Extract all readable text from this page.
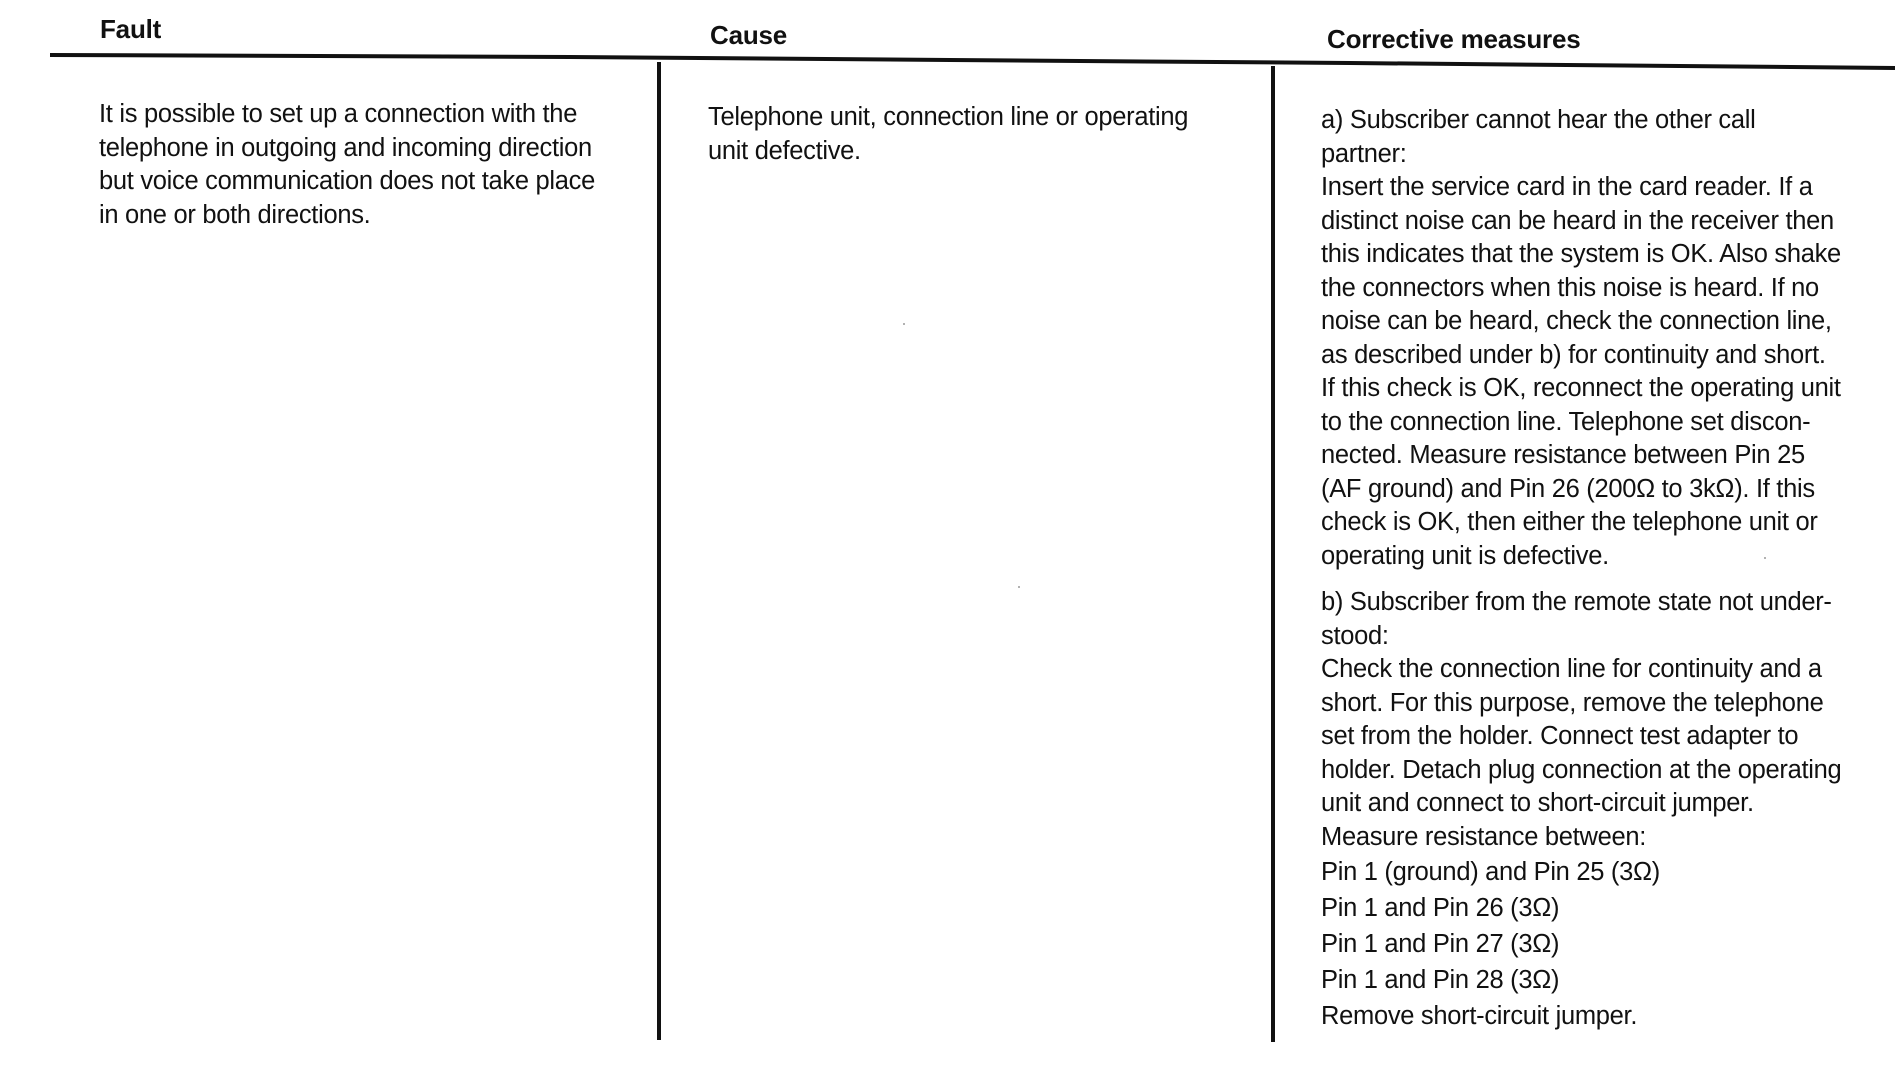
Fault	Cause	Corrective measures
It is possible to set up a connection with the
telephone in outgoing and incoming direction
but voice communication does not take place
in one or both directions.
Telephone unit, connection line or operating
unit defective.
a) Subscriber cannot hear the other call
partner:
Insert the service card in the card reader. If a
distinct noise can be heard in the receiver then
this indicates that the system is OK. Also shake
the connectors when this noise is heard. If no
noise can be heard, check the connection line,
as described under b) for continuity and short.
If this check is OK, reconnect the operating unit
to the connection line. Telephone set discon-
nected. Measure resistance between Pin 25
(AF ground) and Pin 26 (200Ω to 3kΩ). If this
check is OK, then either the telephone unit or
operating unit is defective.
b) Subscriber from the remote state not under-
stood:
Check the connection line for continuity and a
short. For this purpose, remove the telephone
set from the holder. Connect test adapter to
holder. Detach plug connection at the operating
unit and connect to short-circuit jumper.
Measure resistance between:
Pin 1 (ground) and Pin 25 (3Ω)
Pin 1 and Pin 26 (3Ω)
Pin 1 and Pin 27 (3Ω)
Pin 1 and Pin 28 (3Ω)
Remove short-circuit jumper.
